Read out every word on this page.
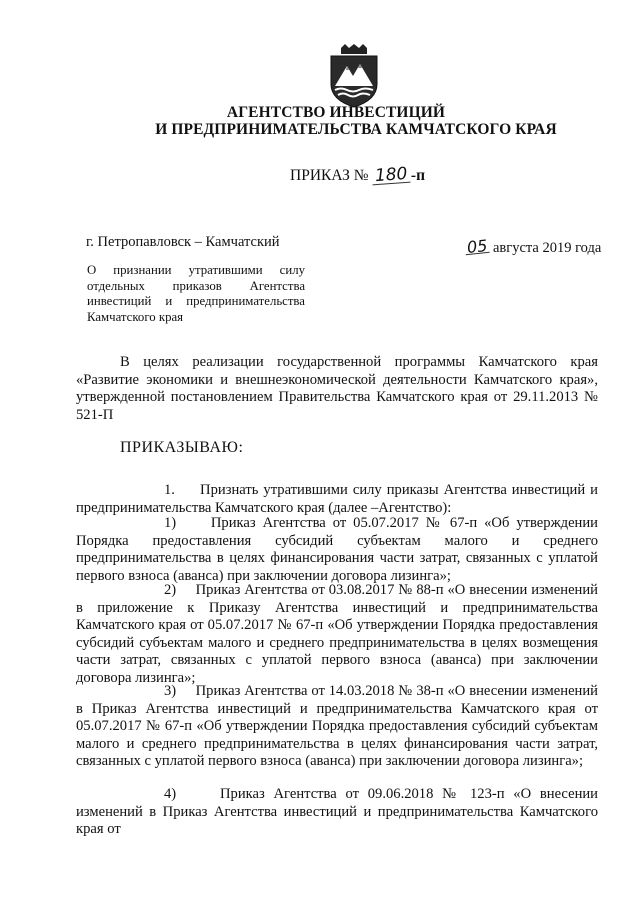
АГЕНТСТВО ИНВЕСТИЦИЙ
И ПРЕДПРИНИМАТЕЛЬСТВА КАМЧАТСКОГО КРАЯ
ПРИКАЗ № 180 -п
г. Петропавловск – Камчатский	05 августа 2019 года
О признании утратившими силу отдельных приказов Агентства инвестиций и предпринимательства Камчатского края
В целях реализации государственной программы Камчатского края «Развитие экономики и внешнеэкономической деятельности Камчатского края», утвержденной постановлением Правительства Камчатского края от 29.11.2013 № 521-П
ПРИКАЗЫВАЮ:
1. Признать утратившими силу приказы Агентства инвестиций и предпринимательства Камчатского края (далее –Агентство):
1) Приказ Агентства от 05.07.2017 № 67-п «Об утверждении Порядка предоставления субсидий субъектам малого и среднего предпринимательства в целях финансирования части затрат, связанных с уплатой первого взноса (аванса) при заключении договора лизинга»;
2) Приказ Агентства от 03.08.2017 № 88-п «О внесении изменений в приложение к Приказу Агентства инвестиций и предпринимательства Камчатского края от 05.07.2017 № 67-п «Об утверждении Порядка предоставления субсидий субъектам малого и среднего предпринимательства в целях возмещения части затрат, связанных с уплатой первого взноса (аванса) при заключении договора лизинга»;
3) Приказ Агентства от 14.03.2018 № 38-п «О внесении изменений в Приказ Агентства инвестиций и предпринимательства Камчатского края от 05.07.2017 № 67-п «Об утверждении Порядка предоставления субсидий субъектам малого и среднего предпринимательства в целях финансирования части затрат, связанных с уплатой первого взноса (аванса) при заключении договора лизинга»;
4)	Приказ Агентства от 09.06.2018 № 123-п «О внесении изменений в Приказ Агентства инвестиций и предпринимательства Камчатского края от
